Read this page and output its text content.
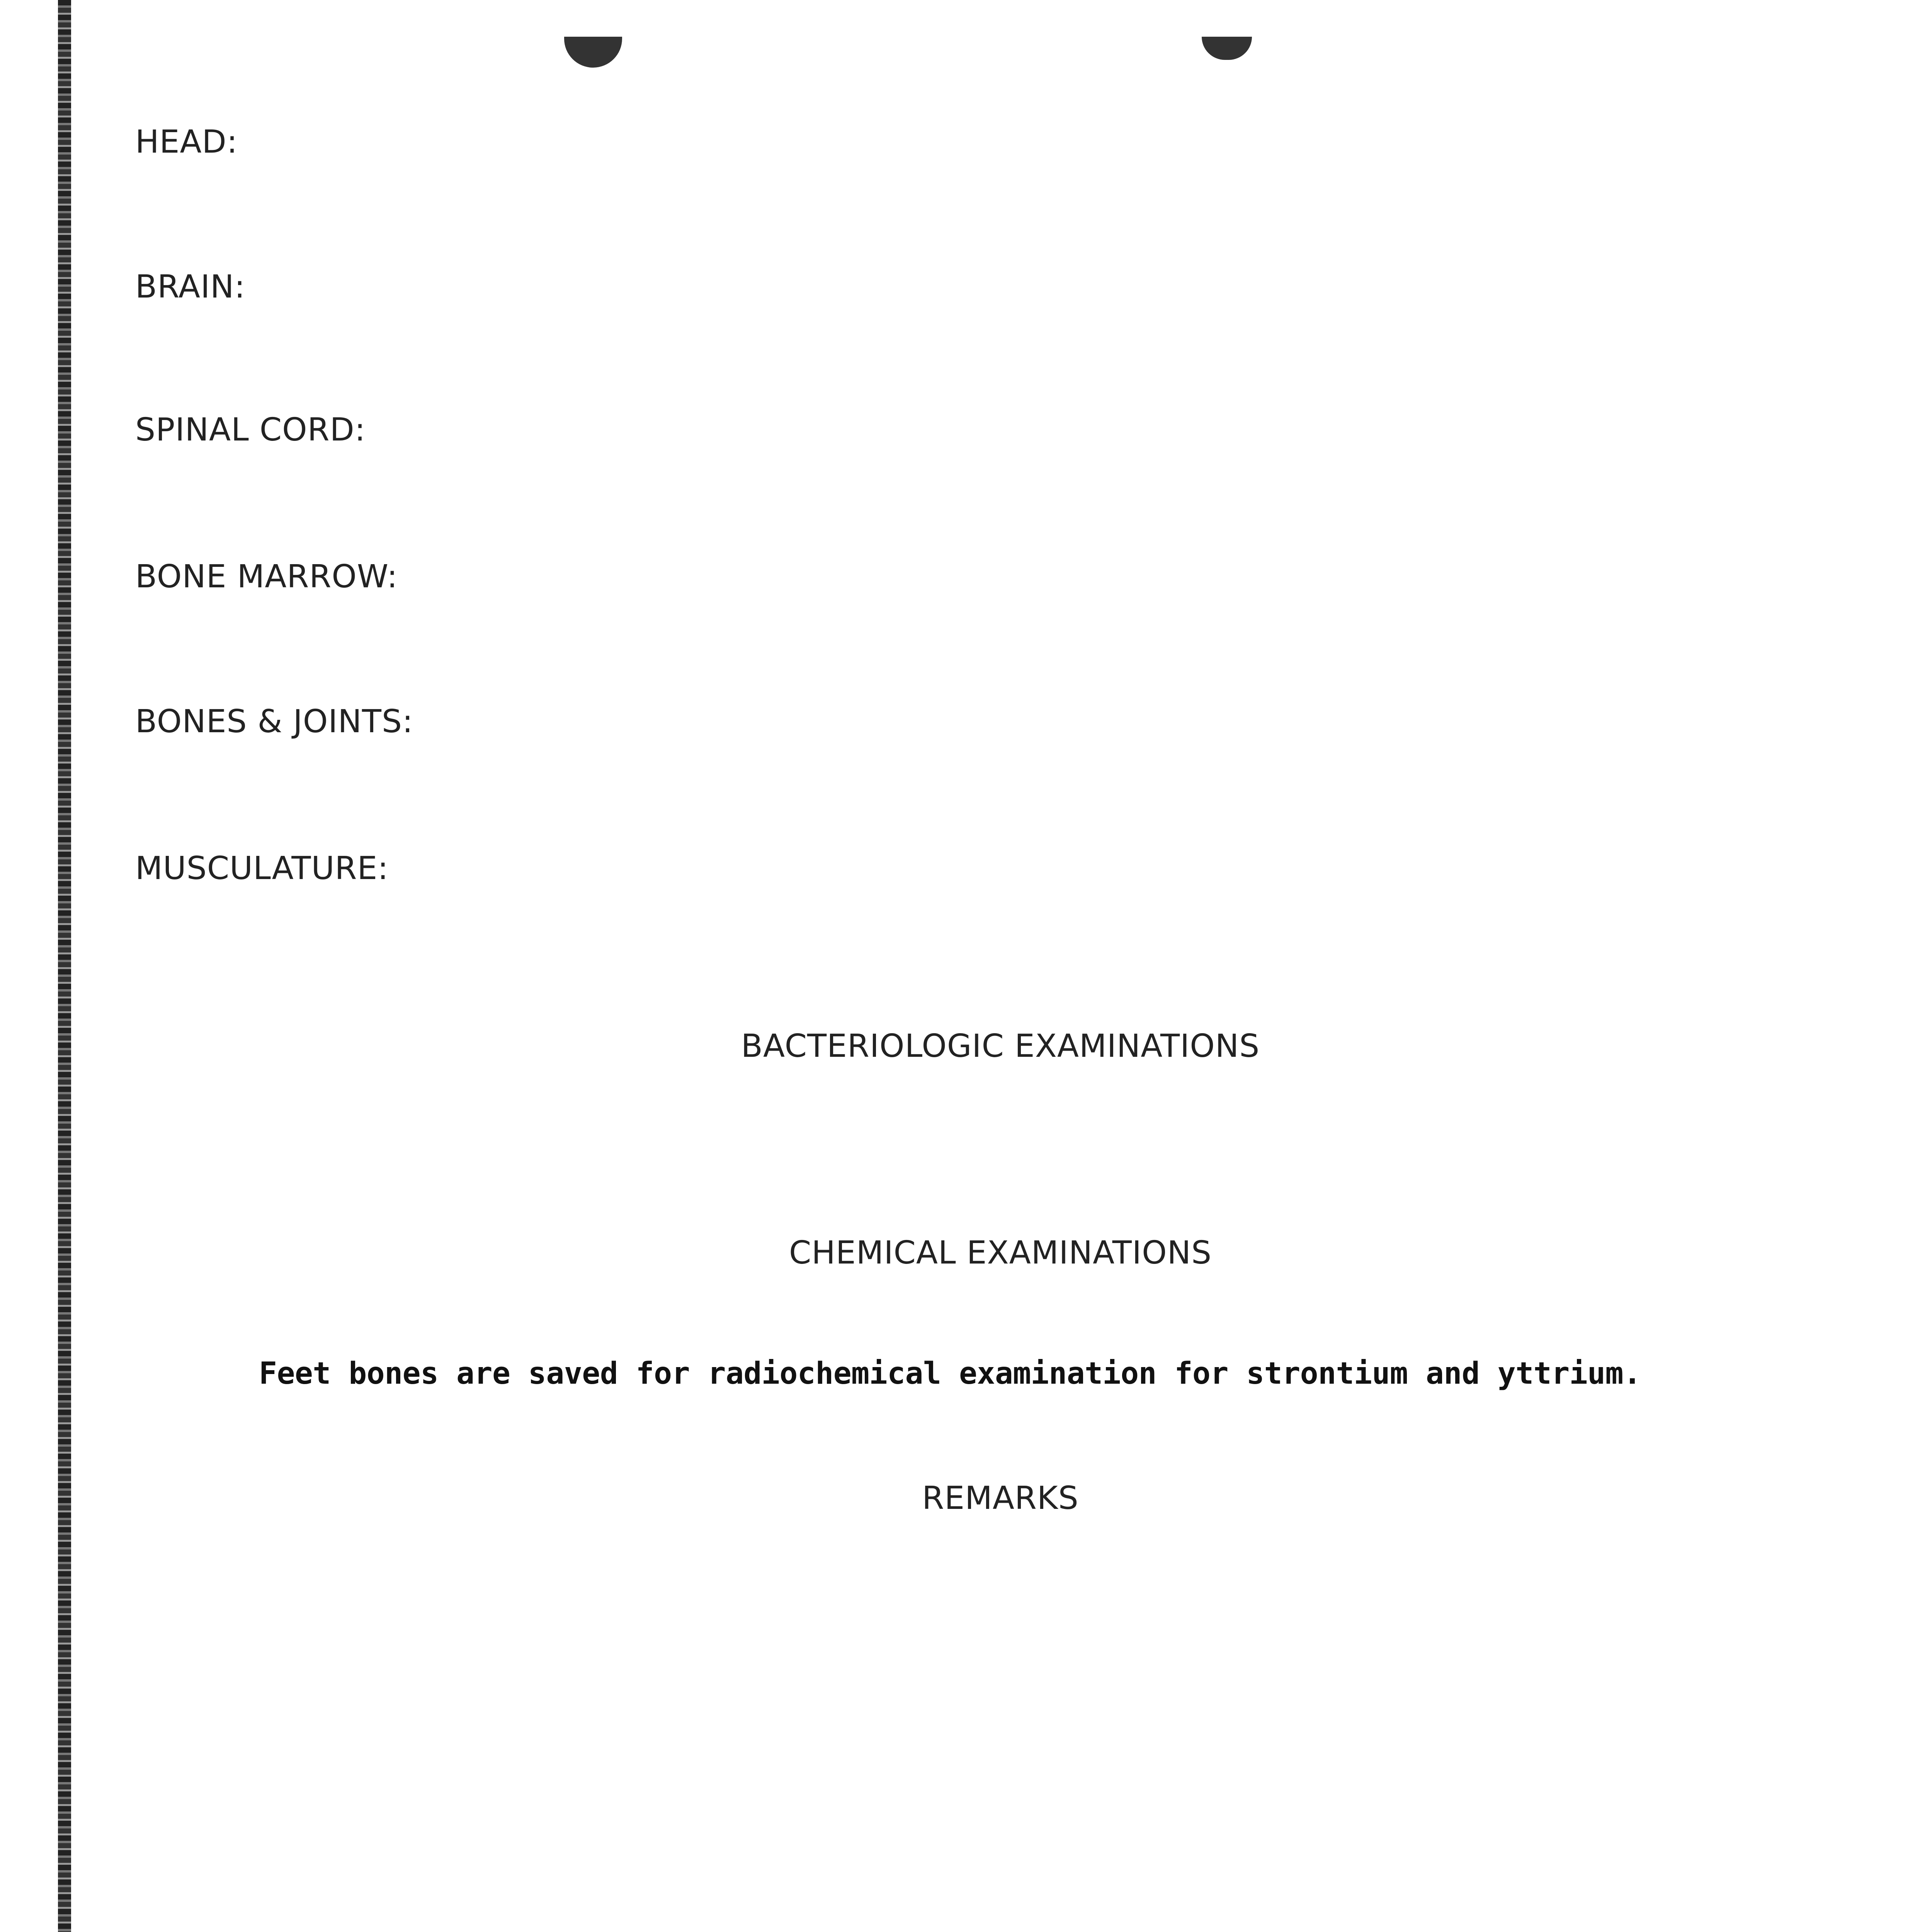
HEAD:
BRAIN:
SPINAL CORD:
BONE MARROW:
BONES & JOINTS:
MUSCULATURE:
BACTERIOLOGIC EXAMINATIONS
CHEMICAL EXAMINATIONS
Feet bones are saved for radiochemical examination for strontium and yttrium.
REMARKS
